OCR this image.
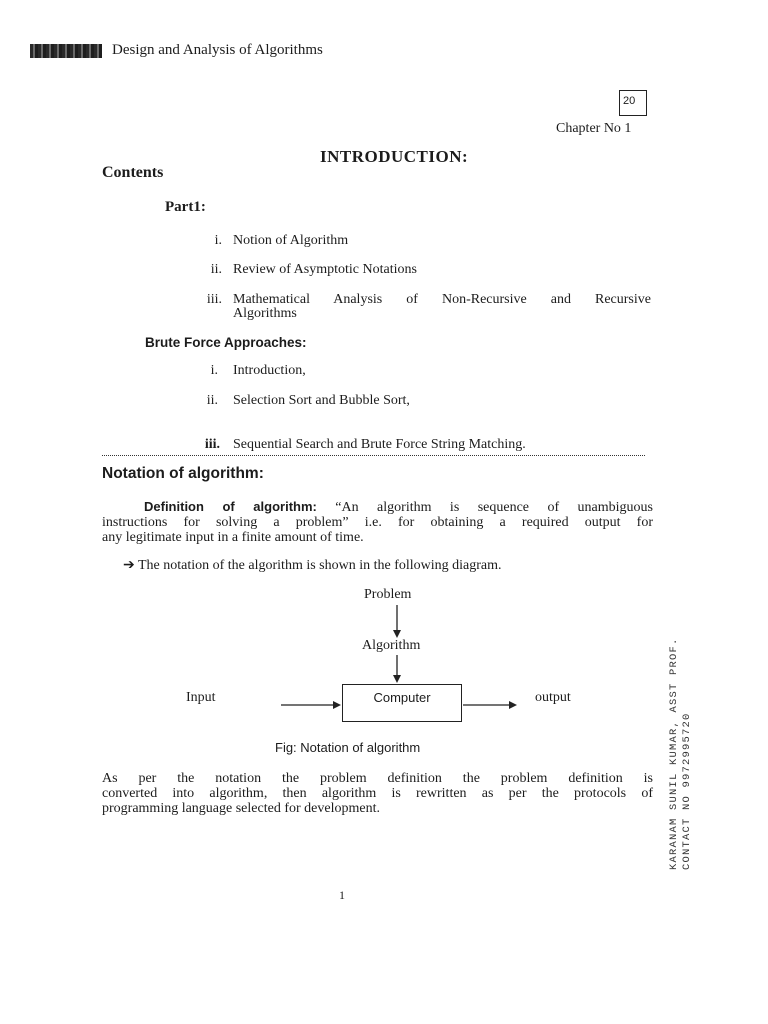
Design and Analysis of Algorithms
20
Chapter No 1
INTRODUCTION:
Contents
Part1:
i. Notion of Algorithm
ii. Review of Asymptotic Notations
iii. Mathematical Analysis of Non-Recursive and Recursive
Algorithms
Brute Force Approaches:
i. Introduction,
ii. Selection Sort and Bubble Sort,
iii. Sequential Search and Brute Force String Matching.
Notation of algorithm:
Definition of algorithm: “An algorithm is sequence of unambiguous
instructions for solving a problem” i.e. for obtaining a required output for
any legitimate input in a finite amount of time.
➔ The notation of the algorithm is shown in the following diagram.
Problem
Algorithm
Computer
Input	output
Fig: Notation of algorithm
As per the notation the problem definition the problem definition is
converted into algorithm, then algorithm is rewritten as per the protocols of
programming language selected for development.
1
KARANAM SUNIL KUMAR, ASST PROF. CONTACT NO 9972995720
